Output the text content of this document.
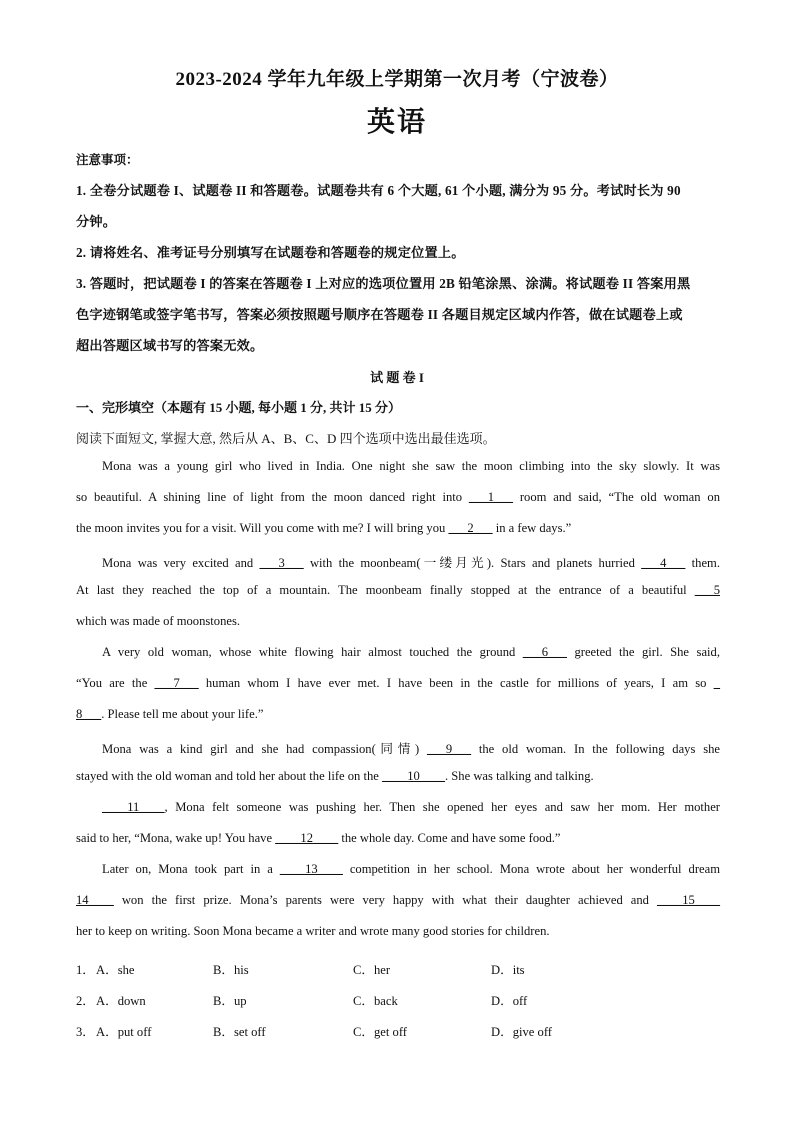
2023-2024 学年九年级上学期第一次月考（宁波卷）
英语
注意事项：
1. 全卷分试题卷 I、试题卷 II 和答题卷。试题卷共有 6 个大题, 61 个小题, 满分为 95 分。考试时长为 90
分钟。
2. 请将姓名、准考证号分别填写在试题卷和答题卷的规定位置上。
3. 答题时，把试题卷 I 的答案在答题卷 I 上对应的选项位置用 2B 铅笔涂黑、涂满。将试题卷 II 答案用黑
色字迹钢笔或签字笔书写，答案必须按照题号顺序在答题卷 II 各题目规定区域内作答，做在试题卷上或
超出答题区域书写的答案无效。
试 题 卷 I
一、完形填空（本题有 15 小题, 每小题 1 分, 共计 15 分）
阅读下面短文, 掌握大意, 然后从 A、B、C、D 四个选项中选出最佳选项。
Mona was a young girl who lived in India. One night she saw the moon climbing into the sky slowly. It was
so beautiful. A shining line of light from the moon danced right into ___1___ room and said, “The old woman on
the moon invites you for a visit. Will you come with me? I will bring you ___2___ in a few days.”
Mona was very excited and ___3___ with the moonbeam(一缕月光). Stars and planets hurried ___4___ them.
At last they reached the top of a mountain. The moonbeam finally stopped at the entrance of a beautiful ___5
which was made of moonstones.
A very old woman, whose white flowing hair almost touched the ground ___6___ greeted the girl. She said,
“You are the ___7___ human whom I have ever met. I have been in the castle for millions of years, I am so _
8___. Please tell me about your life.”
Mona was a kind girl and she had compassion(同情) ___9___ the old woman. In the following days she
stayed with the old woman and told her about the life on the ____10____. She was talking and talking.
____11____, Mona felt someone was pushing her. Then she opened her eyes and saw her mom. Her mother
said to her, “Mona, wake up! You have ____12____ the whole day. Come and have some food.”
Later on, Mona took part in a ____13____ competition in her school. Mona wrote about her wonderful dream
14____ won the first prize. Mona’s parents were very happy with what their daughter achieved and ____15____
her to keep on writing. Soon Mona became a writer and wrote many good stories for children.
1． A．she	B．his	C．her	D．its
2． A．down	B．up	C．back	D．off
3． A．put off	B．set off	C．get off	D．give off
